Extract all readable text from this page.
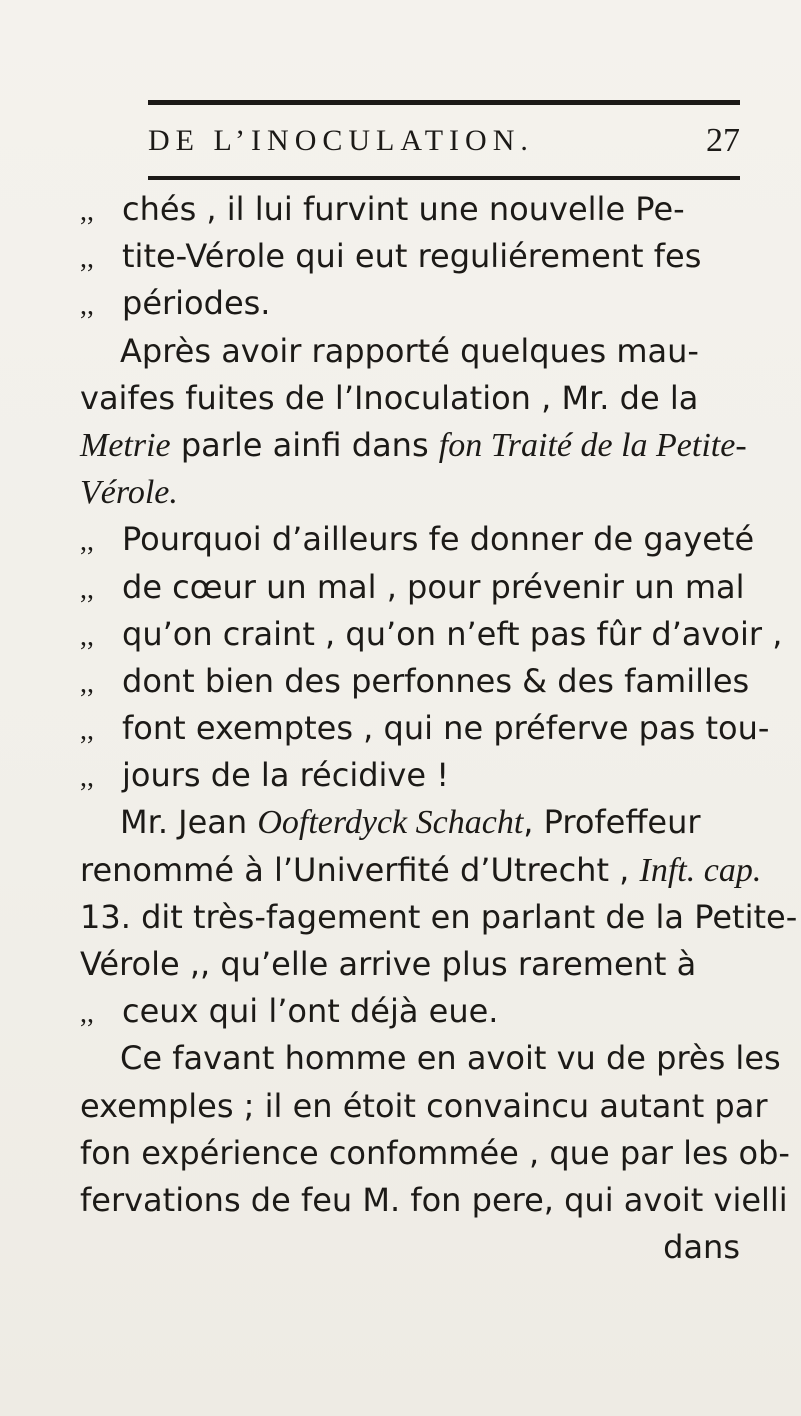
DE L’INOCULATION.	27
,, chés , il lui furvint une nouvelle Pe-
,, tite-Vérole qui eut reguliérement fes
,, périodes.
Après avoir rapporté quelques mau-
vaifes fuites de l’Inoculation , Mr. de la
Metrie parle ainfi dans fon Traité de la Petite-
Vérole.
,, Pourquoi d’ailleurs fe donner de gayeté
,, de cœur un mal , pour prévenir un mal
,, qu’on craint , qu’on n’eft pas fûr d’avoir ,
,, dont bien des perfonnes & des familles
,, font exemptes , qui ne préferve pas tou-
,, jours de la récidive !
Mr. Jean Oofterdyck Schacht, Profeffeur
renommé à l’Univerfité d’Utrecht , Inft. cap.
13. dit très-fagement en parlant de la Petite-
Vérole ,, qu’elle arrive plus rarement à
,, ceux qui l’ont déjà eue.
Ce favant homme en avoit vu de près les
exemples ; il en étoit convaincu autant par
fon expérience confommée , que par les ob-
fervations de feu M. fon pere, qui avoit vielli
dans
